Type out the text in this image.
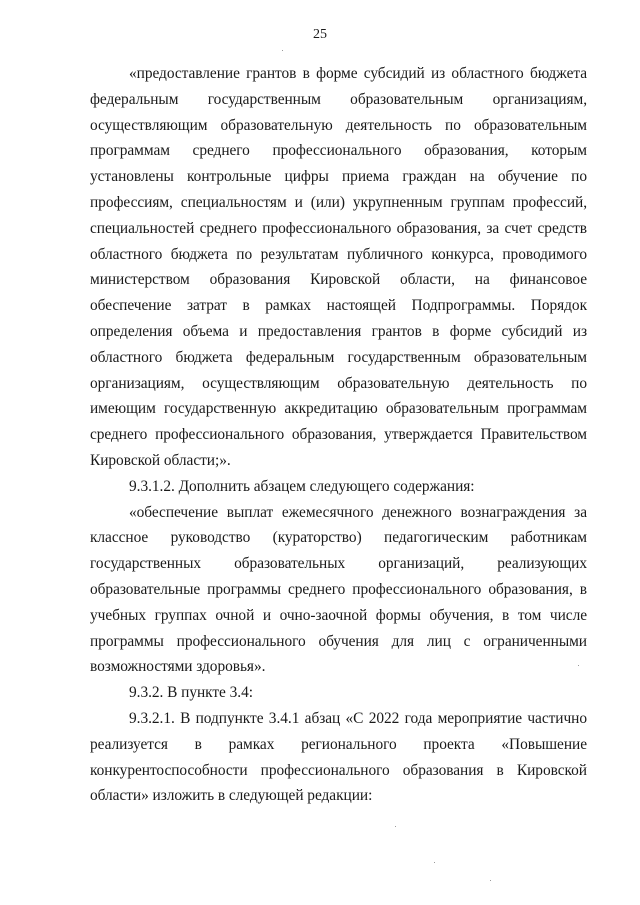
25

«предоставление грантов в форме субсидий из областного бюджета федеральным государственным образовательным организациям, осуществляющим образовательную деятельность по образовательным программам среднего профессионального образования, которым установлены контрольные цифры приема граждан на обучение по профессиям, специальностям и (или) укрупненным группам профессий, специальностей среднего профессионального образования, за счет средств областного бюджета по результатам публичного конкурса, проводимого министерством образования Кировской области, на финансовое обеспечение затрат в рамках настоящей Подпрограммы. Порядок определения объема и предоставления грантов в форме субсидий из областного бюджета федеральным государственным образовательным организациям, осуществляющим образовательную деятельность по имеющим государственную аккредитацию образовательным программам среднего профессионального образования, утверждается Правительством Кировской области;».

9.3.1.2. Дополнить абзацем следующего содержания:

«обеспечение выплат ежемесячного денежного вознаграждения за классное руководство (кураторство) педагогическим работникам государственных образовательных организаций, реализующих образовательные программы среднего профессионального образования, в учебных группах очной и очно-заочной формы обучения, в том числе программы профессионального обучения для лиц с ограниченными возможностями здоровья».

9.3.2. В пункте 3.4:

9.3.2.1. В подпункте 3.4.1 абзац «С 2022 года мероприятие частично реализуется в рамках регионального проекта «Повышение конкурентоспособности профессионального образования в Кировской области» изложить в следующей редакции:
